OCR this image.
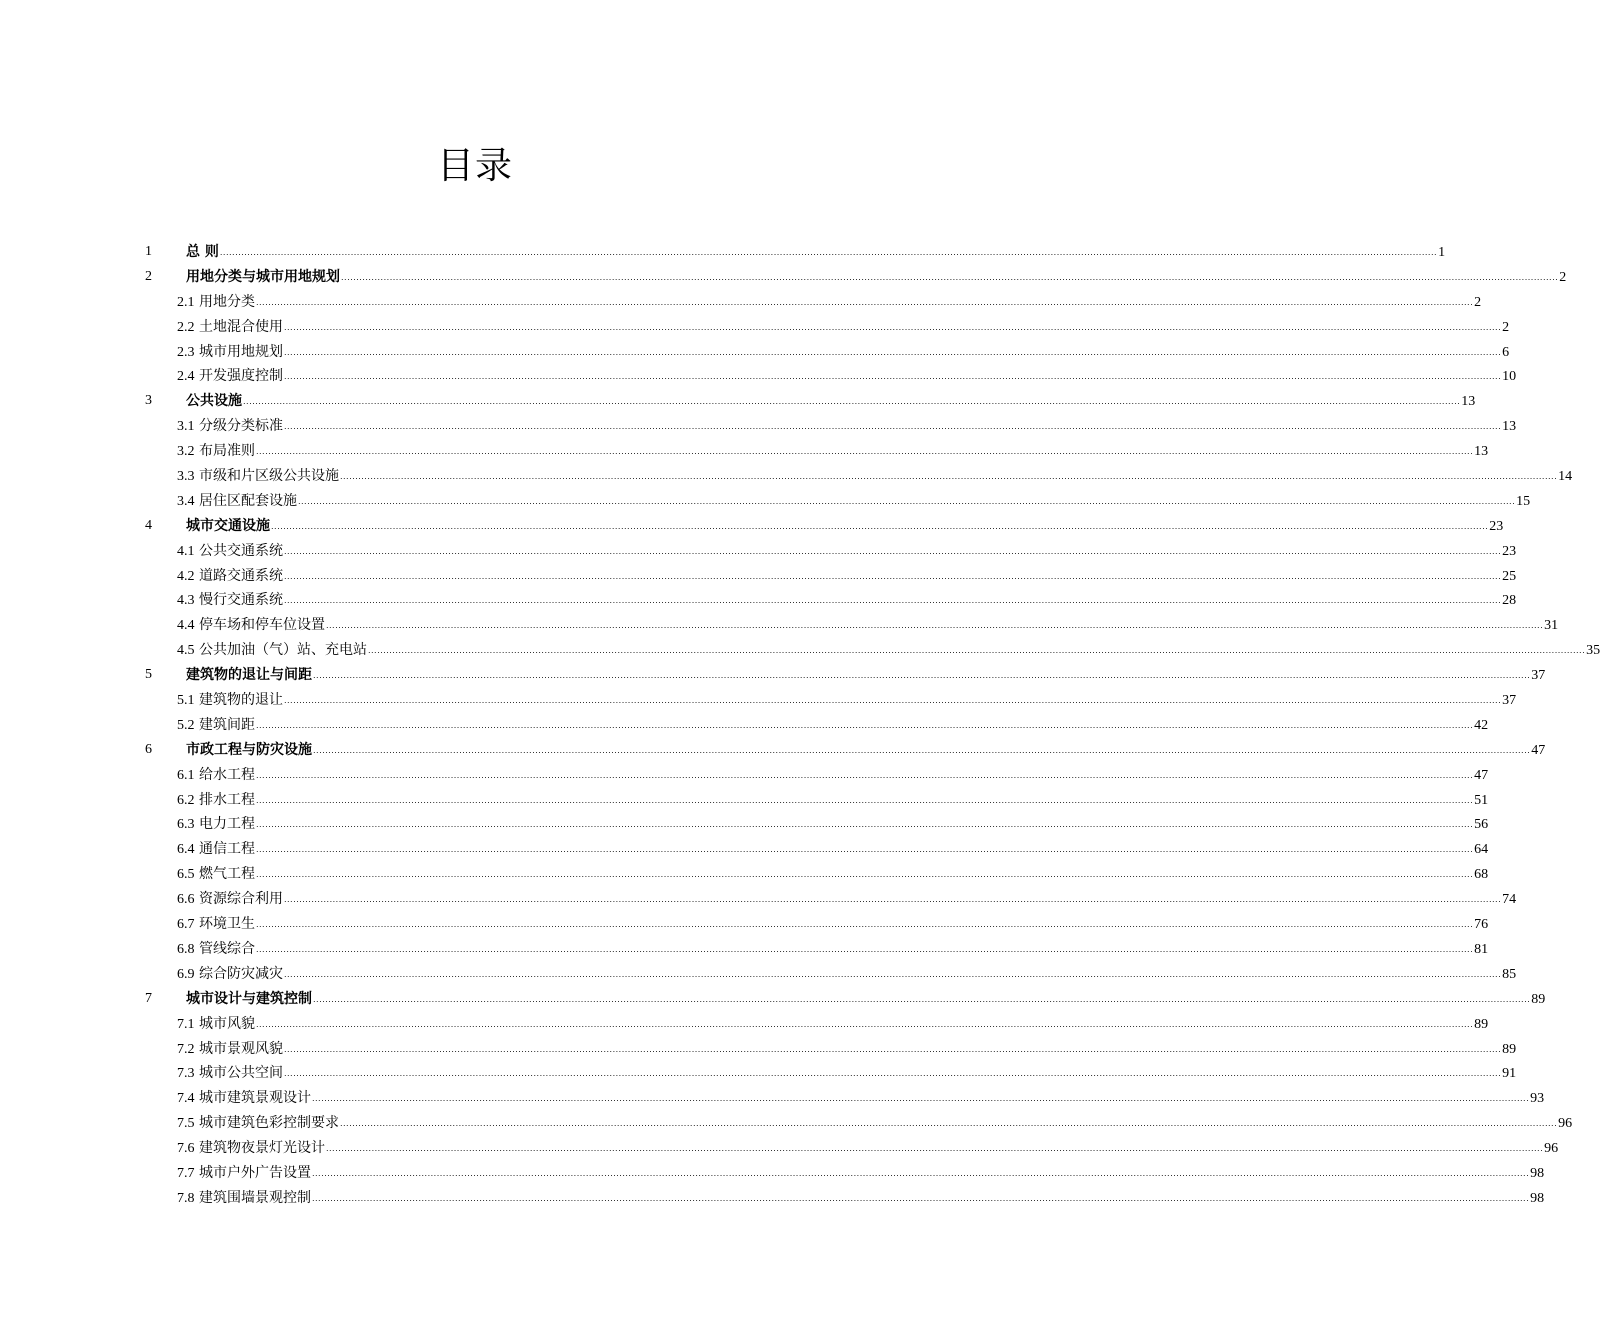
目录
1 总 则 ................................................................................................................................................................................................................................................................................................................................................................................................................ 1
2 用地分类与城市用地规划 ................................................................................................................................................................................................................................................................................................................................................................................................................ 2
2.1 用地分类 ................................................................................................................................................................................................................................................................................................................................................................................................................ 2
2.2 土地混合使用 ................................................................................................................................................................................................................................................................................................................................................................................................................ 2
2.3 城市用地规划 ................................................................................................................................................................................................................................................................................................................................................................................................................ 6
2.4 开发强度控制 ................................................................................................................................................................................................................................................................................................................................................................................................................ 10
3 公共设施 ................................................................................................................................................................................................................................................................................................................................................................................................................ 13
3.1 分级分类标准 ................................................................................................................................................................................................................................................................................................................................................................................................................ 13
3.2 布局准则 ................................................................................................................................................................................................................................................................................................................................................................................................................ 13
3.3 市级和片区级公共设施 ................................................................................................................................................................................................................................................................................................................................................................................................................ 14
3.4 居住区配套设施 ................................................................................................................................................................................................................................................................................................................................................................................................................ 15
4 城市交通设施 ................................................................................................................................................................................................................................................................................................................................................................................................................ 23
4.1 公共交通系统 ................................................................................................................................................................................................................................................................................................................................................................................................................ 23
4.2 道路交通系统 ................................................................................................................................................................................................................................................................................................................................................................................................................ 25
4.3 慢行交通系统 ................................................................................................................................................................................................................................................................................................................................................................................................................ 28
4.4 停车场和停车位设置 ................................................................................................................................................................................................................................................................................................................................................................................................................ 31
4.5 公共加油（气）站、充电站 ................................................................................................................................................................................................................................................................................................................................................................................................................ 35
5 建筑物的退让与间距 ................................................................................................................................................................................................................................................................................................................................................................................................................ 37
5.1 建筑物的退让 ................................................................................................................................................................................................................................................................................................................................................................................................................ 37
5.2 建筑间距 ................................................................................................................................................................................................................................................................................................................................................................................................................ 42
6 市政工程与防灾设施 ................................................................................................................................................................................................................................................................................................................................................................................................................ 47
6.1 给水工程 ................................................................................................................................................................................................................................................................................................................................................................................................................ 47
6.2 排水工程 ................................................................................................................................................................................................................................................................................................................................................................................................................ 51
6.3 电力工程 ................................................................................................................................................................................................................................................................................................................................................................................................................ 56
6.4 通信工程 ................................................................................................................................................................................................................................................................................................................................................................................................................ 64
6.5 燃气工程 ................................................................................................................................................................................................................................................................................................................................................................................................................ 68
6.6 资源综合利用 ................................................................................................................................................................................................................................................................................................................................................................................................................ 74
6.7 环境卫生 ................................................................................................................................................................................................................................................................................................................................................................................................................ 76
6.8 管线综合 ................................................................................................................................................................................................................................................................................................................................................................................................................ 81
6.9 综合防灾减灾 ................................................................................................................................................................................................................................................................................................................................................................................................................ 85
7 城市设计与建筑控制 ................................................................................................................................................................................................................................................................................................................................................................................................................ 89
7.1 城市风貌 ................................................................................................................................................................................................................................................................................................................................................................................................................ 89
7.2 城市景观风貌 ................................................................................................................................................................................................................................................................................................................................................................................................................ 89
7.3 城市公共空间 ................................................................................................................................................................................................................................................................................................................................................................................................................ 91
7.4 城市建筑景观设计 ................................................................................................................................................................................................................................................................................................................................................................................................................ 93
7.5 城市建筑色彩控制要求 ................................................................................................................................................................................................................................................................................................................................................................................................................ 96
7.6 建筑物夜景灯光设计 ................................................................................................................................................................................................................................................................................................................................................................................................................ 96
7.7 城市户外广告设置 ................................................................................................................................................................................................................................................................................................................................................................................................................ 98
7.8 建筑围墙景观控制 ................................................................................................................................................................................................................................................................................................................................................................................................................ 98
